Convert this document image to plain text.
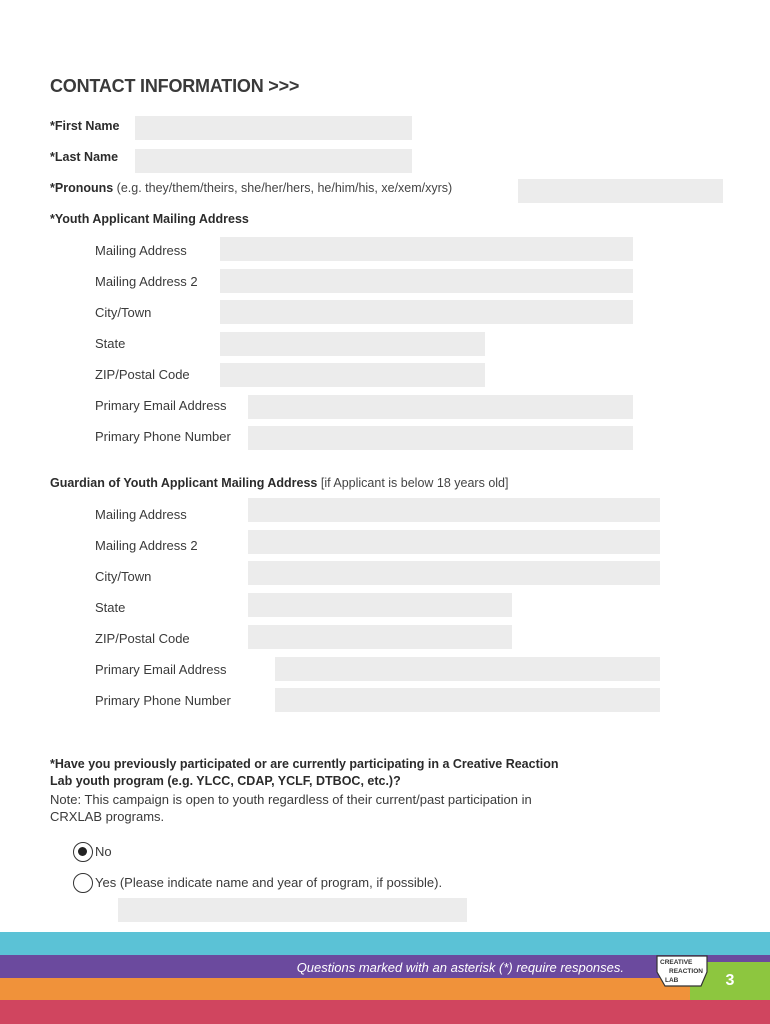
CONTACT INFORMATION >>>
*First Name
*Last Name
*Pronouns (e.g. they/them/theirs, she/her/hers, he/him/his, xe/xem/xyrs)
*Youth Applicant Mailing Address
Mailing Address
Mailing Address 2
City/Town
State
ZIP/Postal Code
Primary Email Address
Primary Phone Number
Guardian of Youth Applicant Mailing Address [if Applicant is below 18 years old]
Mailing Address
Mailing Address 2
City/Town
State
ZIP/Postal Code
Primary Email Address
Primary Phone Number
*Have you previously participated or are currently participating in a Creative Reaction
Lab youth program (e.g. YLCC, CDAP, YCLF, DTBOC, etc.)?
Note: This campaign is open to youth regardless of their current/past participation in
CRXLAB programs.
No
Yes (Please indicate name and year of program, if possible).
Questions marked with an asterisk (*) require responses.
3
CREATIVE
REACTION
LAB
